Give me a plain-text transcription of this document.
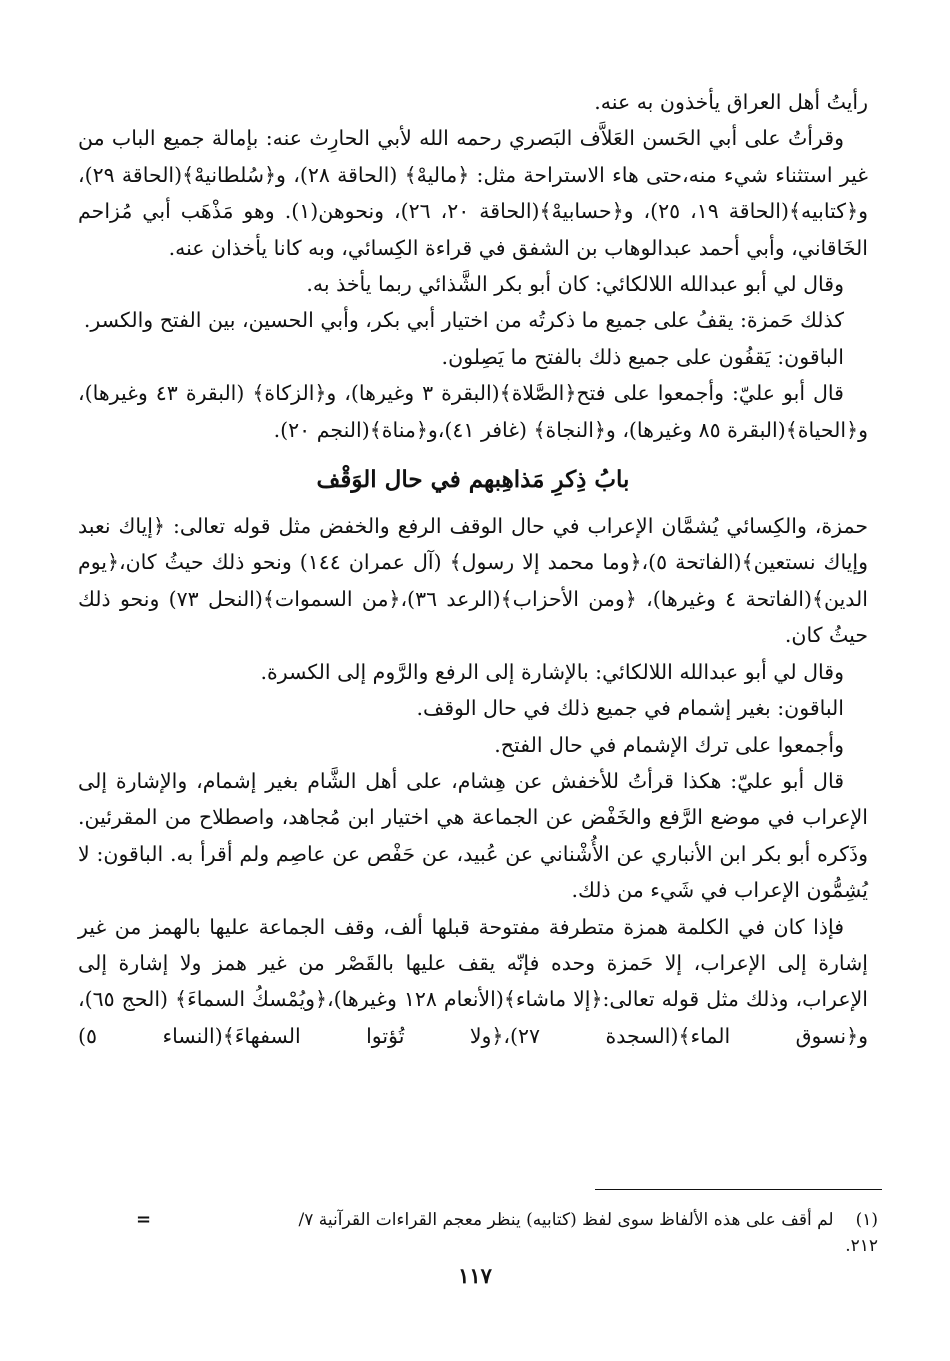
رأيتُ أهل العراق يأخذون به عنه.

وقرأتُ على أبي الحَسن العَلاَّف البَصري رحمه الله لأبي الحارِث عنه: بإمالة جميع الباب من غير استثناء شيء منه،حتى هاء الاستراحة مثل: ﴿ماليهْ﴾ (الحاقة ٢٨)، و﴿سُلطانيهْ﴾(الحاقة ٢٩)، و﴿كتابيه﴾(الحاقة ١٩، ٢٥)، و﴿حسابيهْ﴾(الحاقة ٢٠، ٢٦)، ونحوهن(١). وهو مَذْهَب أبي مُزاحم الخَاقاني، وأبي أحمد عبدالوهاب بن الشفق في قراءة الكِسائي، وبه كانا يأخذان عنه.

وقال لي أبو عبدالله اللالكائي: كان أبو بكر الشَّذائي ربما يأخذ به.

كذلك حَمزة: يقفُ على جميع ما ذكرتُه من اختيار أبي بكر، وأبي الحسين، بين الفتح والكسر.

الباقون: يَقفُون على جميع ذلك بالفتح ما يَصِلون.

قال أبو عليّ: وأجمعوا على فتح﴿الصَّلاة﴾(البقرة ٣ وغيرها)، و﴿الزكاة﴾ (البقرة ٤٣ وغيرها)، و﴿الحياة﴾(البقرة ٨٥ وغيرها)، و﴿النجاة﴾ (غافر ٤١)،و﴿مناة﴾(النجم ٢٠).

بابُ ذِكرِ مَذاهِبهم في حال الوَقْف

حمزة، والكِسائي يُشمَّان الإعراب في حال الوقف الرفع والخفض مثل قوله تعالى: ﴿إياك نعبد وإياك نستعين﴾(الفاتحة ٥)،﴿وما محمد إلا رسول﴾ (آل عمران ١٤٤) ونحو ذلك حيثُ كان،﴿يوم الدين﴾(الفاتحة ٤ وغيرها)، ﴿ومن الأحزاب﴾(الرعد ٣٦)،﴿من السموات﴾(النحل ٧٣) ونحو ذلك حيثُ كان.

وقال لي أبو عبدالله اللالكائي: بالإشارة إلى الرفع والرَّوم إلى الكسرة.

الباقون: بغير إشمام في جميع ذلك في حال الوقف.

وأجمعوا على ترك الإشمام في حال الفتح.

قال أبو عليّ: هكذا قرأتُ للأخفش عن هِشام، على أهل الشَّام بغير إشمام، والإشارة إلى الإعراب في موضع الرَّفع والخَفْض عن الجماعة هي اختيار ابن مُجاهد، واصطلاح من المقرئين. وذَكره أبو بكر ابن الأنباري عن الأُشْناني عن عُبيد، عن حَفْص عن عاصِم ولم أقرأ به. الباقون: لا يُشِمُّون الإعراب في شَيء من ذلك.

فإذا كان في الكلمة همزة متطرفة مفتوحة قبلها ألف، وقف الجماعة عليها بالهمز من غير إشارة إلى الإعراب، إلا حَمزة وحده فإنّه يقف عليها بالقَصْر من غير همز ولا إشارة إلى الإعراب، وذلك مثل قوله تعالى:﴿إلا ماشاء﴾(الأنعام ١٢٨ وغيرها)،﴿ويُمْسكُ السماءَ﴾ (الحج ٦٥)، و﴿نسوق الماء﴾(السجدة ٢٧)،﴿ولا تُؤتوا السفهاءَ﴾(النساء ٥)

(١)لم أقف على هذه الألفاظ سوى لفظ (كتابيه) ينظر معجم القراءات القرآنية ٧/ ٢١٢.
=
١١٧
